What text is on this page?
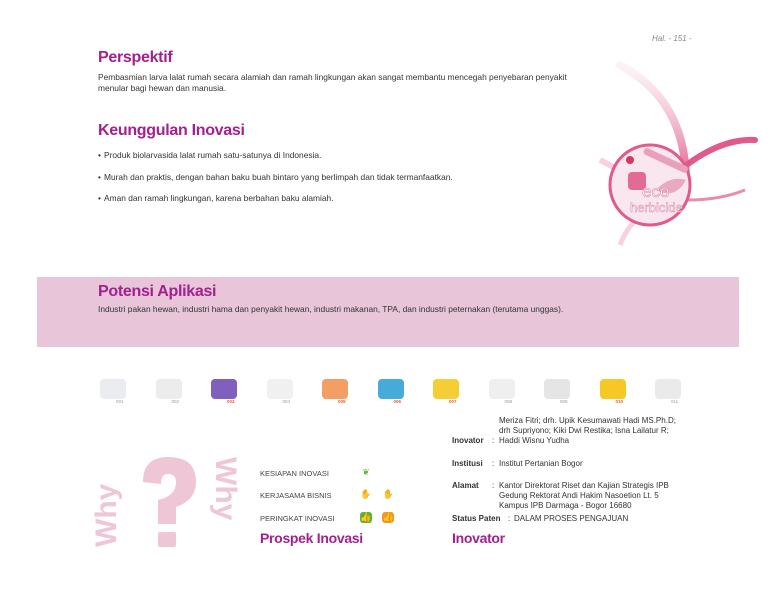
Hal. - 151 -
Perspektif
Pembasmian larva lalat rumah secara alamiah dan ramah lingkungan akan sangat membantu mencegah penyebaran penyakit menular bagi hewan dan manusia.
Keunggulan Inovasi
• Produk biolarvasida lalat rumah satu-satunya di Indonesia.
• Murah dan praktis, dengan bahan baku buah bintaro yang berlimpah dan tidak termanfaatkan.
• Aman dan ramah lingkungan, karena berbahan baku alamiah.	eco
herbicide
Potensi Aplikasi
Industri pakan hewan, industri hama dan penyakit hewan, industri makanan, TPA, dan industri peternakan (terutama unggas).
001	002	003	004	005	006	007	008	009	010	011
Why	Why KESIAPAN INOVASI	❦
KERJASAMA BISNIS	✋ ✋
PERINGKAT INOVASI	👍 👍
Prospek Inovasi
Inovator :
Meriza Fitri; drh. Upik Kesumawati Hadi MS.Ph.D;
drh Supriyono; Kiki Dwi Restika; Isna Lailatur R;
Haddi Wisnu Yudha
Institusi : Institut Pertanian Bogor
Alamat : Kantor Direktorat Riset dan Kajian Strategis IPB
Gedung Rektorat Andi Hakim Nasoetion Lt. 5
Kampus IPB Darmaga - Bogor 16680
Status Paten : DALAM PROSES PENGAJUAN
Inovator
